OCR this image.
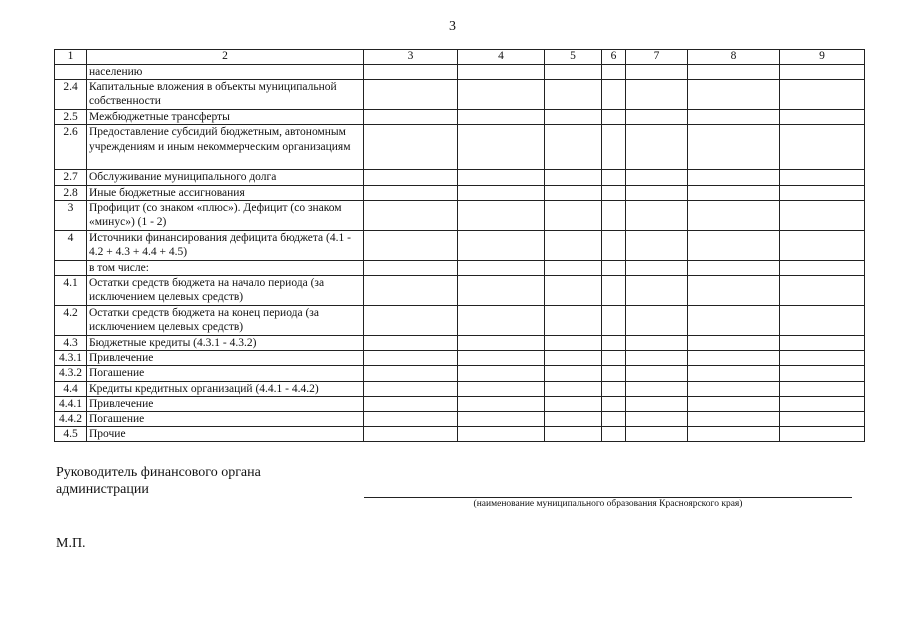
3
1	2	3	4	5	6	7	8	9
	населению							
2.4	Капитальные вложения в объекты муниципальной собственности							
2.5	Межбюджетные трансферты							
2.6	Предоставление субсидий бюджетным, автономным учреждениям и иным некоммерческим организациям							
2.7	Обслуживание муниципального долга							
2.8	Иные бюджетные ассигнования							
3	Профицит (со знаком «плюс»). Дефицит (со знаком «минус») (1 - 2)							
4	Источники финансирования дефицита бюджета (4.1 - 4.2 + 4.3 + 4.4 + 4.5)							
	в том числе:							
4.1	Остатки средств бюджета на начало периода (за исключением целевых средств)							
4.2	Остатки средств бюджета на конец периода (за исключением целевых средств)							
4.3	Бюджетные кредиты (4.3.1 - 4.3.2)							
4.3.1	Привлечение							
4.3.2	Погашение							
4.4	Кредиты кредитных организаций (4.4.1 - 4.4.2)							
4.4.1	Привлечение							
4.4.2	Погашение							
4.5	Прочие							
Руководитель финансового органа
администрации
(наименование муниципального образования Красноярского края)
М.П.
